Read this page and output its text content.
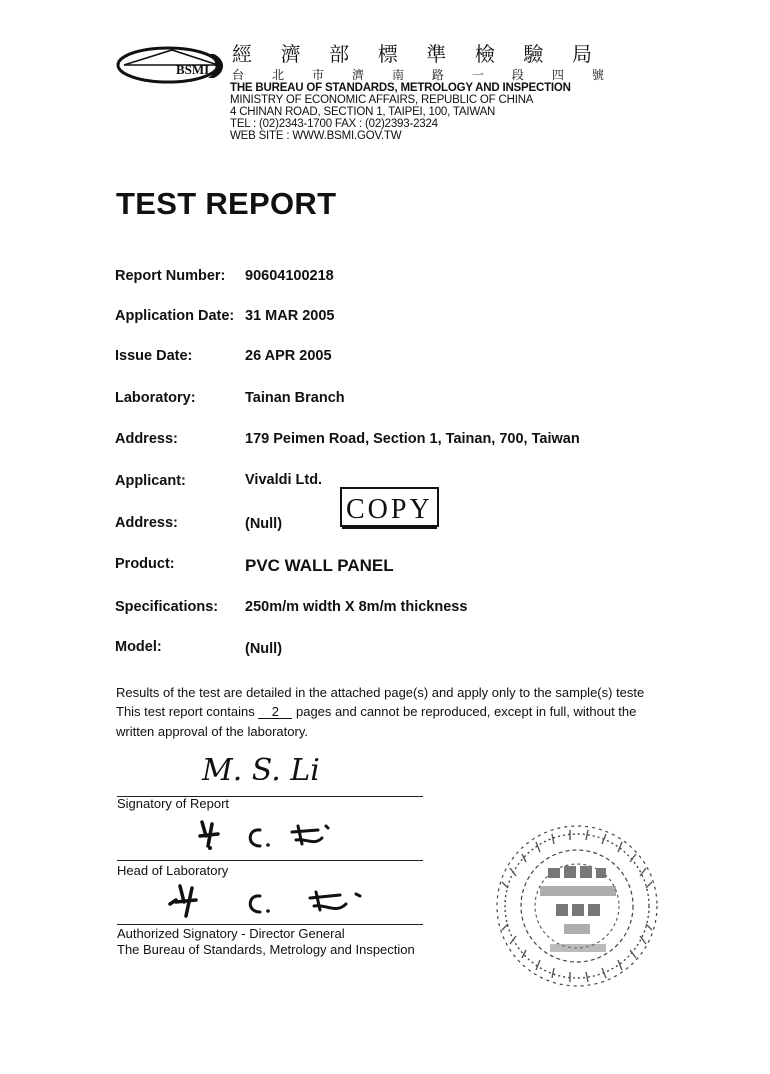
BSMI
經 濟 部 標 準 檢 驗 局
台 北 市 濟 南 路 一 段 四 號
THE BUREAU OF STANDARDS, METROLOGY AND INSPECTION
MINISTRY OF ECONOMIC AFFAIRS, REPUBLIC OF CHINA
4 CHINAN ROAD, SECTION 1, TAIPEI, 100, TAIWAN
TEL : (02)2343-1700 FAX : (02)2393-2324
WEB SITE : WWW.BSMI.GOV.TW
TEST REPORT
Report Number: 90604100218
Application Date: 31 MAR 2005
Issue Date:	26 APR 2005
Laboratory:	Tainan Branch
Address:	179 Peimen Road, Section 1, Tainan, 700, Taiwan
Applicant:	Vivaldi Ltd.
Address:	(Null)
Product:	PVC WALL PANEL
Specifications: 250m/m width X 8m/m thickness
Model:	(Null)
COPY
Results of the test are detailed in the attached page(s) and apply only to the sample(s) teste
This test report contains 2 pages and cannot be reproduced, except in full, without the
written approval of the laboratory.
M. S. Li
Signatory of Report
Head of Laboratory
Authorized Signatory - Director General
The Bureau of Standards, Metrology and Inspection
